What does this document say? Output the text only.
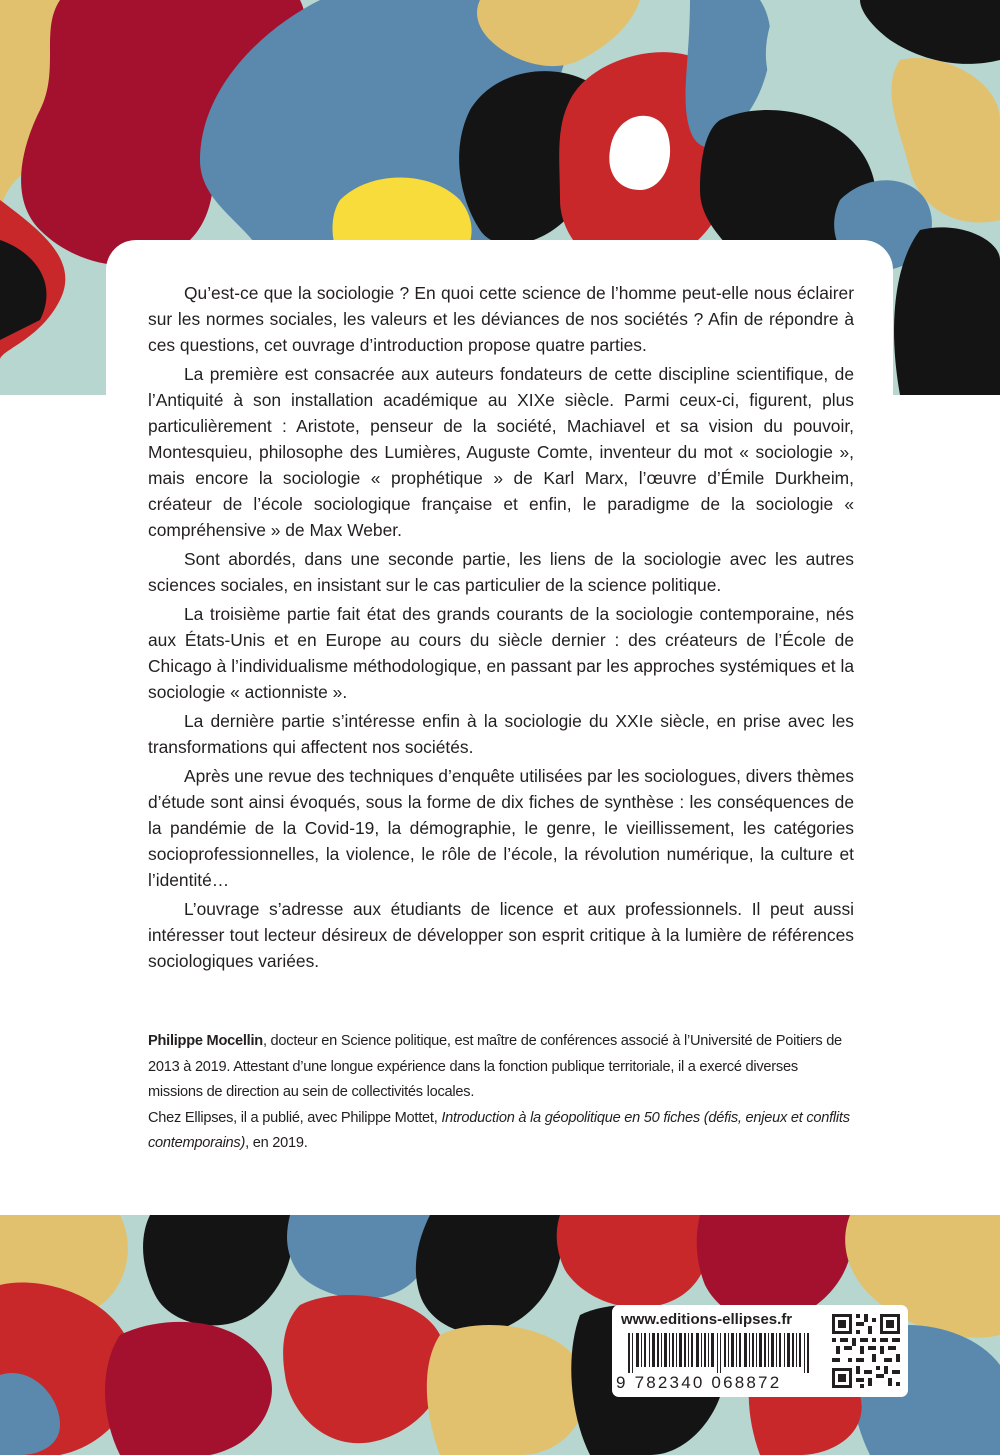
Qu’est-ce que la sociologie ? En quoi cette science de l’homme peut-elle nous éclairer sur les normes sociales, les valeurs et les déviances de nos sociétés ? Afin de répondre à ces questions, cet ouvrage d’introduction propose quatre parties.

La première est consacrée aux auteurs fondateurs de cette discipline scientifique, de l’Antiquité à son installation académique au XIXe siècle. Parmi ceux-ci, figurent, plus particulièrement : Aristote, penseur de la société, Machiavel et sa vision du pouvoir, Montesquieu, philosophe des Lumières, Auguste Comte, inventeur du mot « sociologie », mais encore la sociologie « prophétique » de Karl Marx, l’œuvre d’Émile Durkheim, créateur de l’école sociologique française et enfin, le paradigme de la sociologie « compréhensive » de Max Weber.

Sont abordés, dans une seconde partie, les liens de la sociologie avec les autres sciences sociales, en insistant sur le cas particulier de la science politique.

La troisième partie fait état des grands courants de la sociologie contemporaine, nés aux États-Unis et en Europe au cours du siècle dernier : des créateurs de l’École de Chicago à l’individualisme méthodologique, en passant par les approches systémiques et la sociologie « actionniste ».

La dernière partie s’intéresse enfin à la sociologie du XXIe siècle, en prise avec les transformations qui affectent nos sociétés.

Après une revue des techniques d’enquête utilisées par les sociologues, divers thèmes d’étude sont ainsi évoqués, sous la forme de dix fiches de synthèse : les conséquences de la pandémie de la Covid-19, la démographie, le genre, le vieillissement, les catégories socioprofessionnelles, la violence, le rôle de l’école, la révolution numérique, la culture et l’identité…

L’ouvrage s’adresse aux étudiants de licence et aux professionnels. Il peut aussi intéresser tout lecteur désireux de développer son esprit critique à la lumière de références sociologiques variées.

Philippe Mocellin, docteur en Science politique, est maître de conférences associé à l’Université de Poitiers de 2013 à 2019. Attestant d’une longue expérience dans la fonction publique territoriale, il a exercé diverses missions de direction au sein de collectivités locales.

Chez Ellipses, il a publié, avec Philippe Mottet, Introduction à la géopolitique en 50 fiches (défis, enjeux et conflits contemporains), en 2019.

www.editions-ellipses.fr
9 782340 068872
